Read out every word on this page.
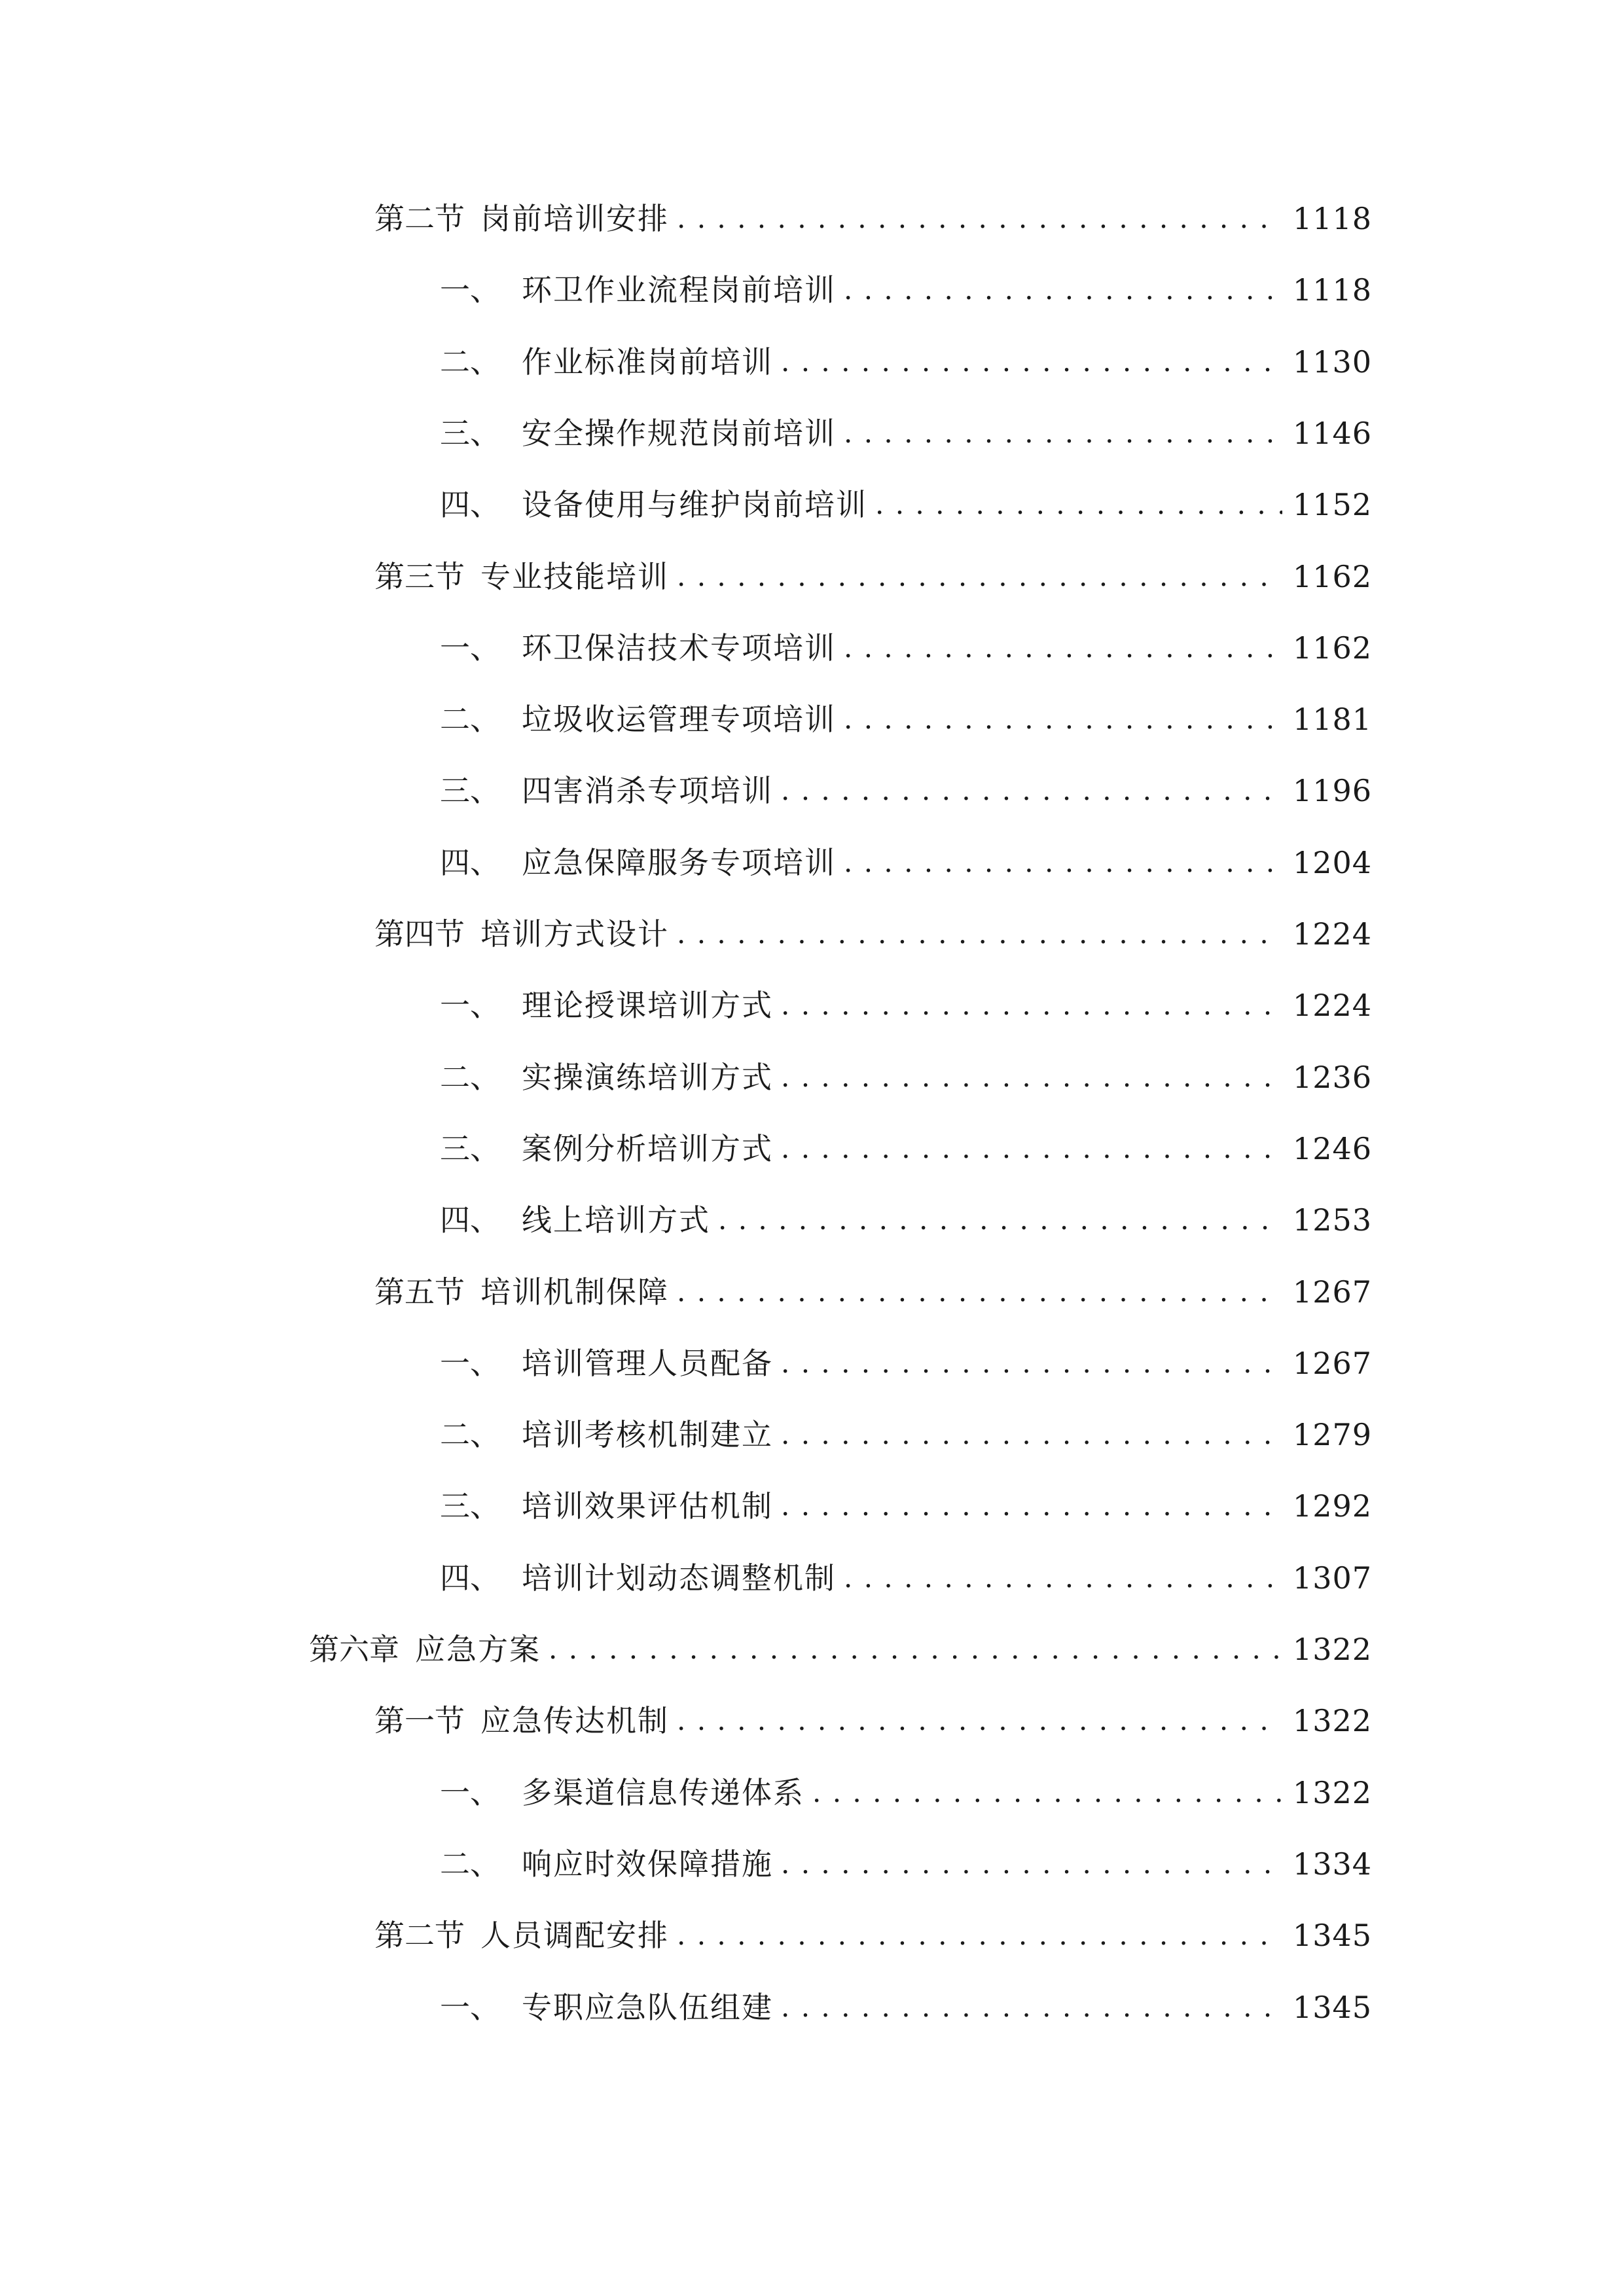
第二节 岗前培训安排 . . .	1118
一、 环卫作业流程岗前培训 . . .	1118
二、 作业标准岗前培训 . . .	1130
三、 安全操作规范岗前培训 . . .	1146
四、 设备使用与维护岗前培训 . . .	1152
第三节 专业技能培训 . . .	1162
一、 环卫保洁技术专项培训 . . .	1162
二、 垃圾收运管理专项培训 . . .	1181
三、 四害消杀专项培训 . . .	1196
四、 应急保障服务专项培训 . . .	1204
第四节 培训方式设计 . . .	1224
一、 理论授课培训方式 . . .	1224
二、 实操演练培训方式 . . .	1236
三、 案例分析培训方式 . . .	1246
四、 线上培训方式 . . .	1253
第五节 培训机制保障 . . .	1267
一、 培训管理人员配备 . . .	1267
二、 培训考核机制建立 . . .	1279
三、 培训效果评估机制 . . .	1292
四、 培训计划动态调整机制 . . .	1307
第六章 应急方案 . . .	1322
第一节 应急传达机制 . . .	1322
一、 多渠道信息传递体系 . . .	1322
二、 响应时效保障措施 . . .	1334
第二节 人员调配安排 . . .	1345
一、 专职应急队伍组建 . . .	1345
